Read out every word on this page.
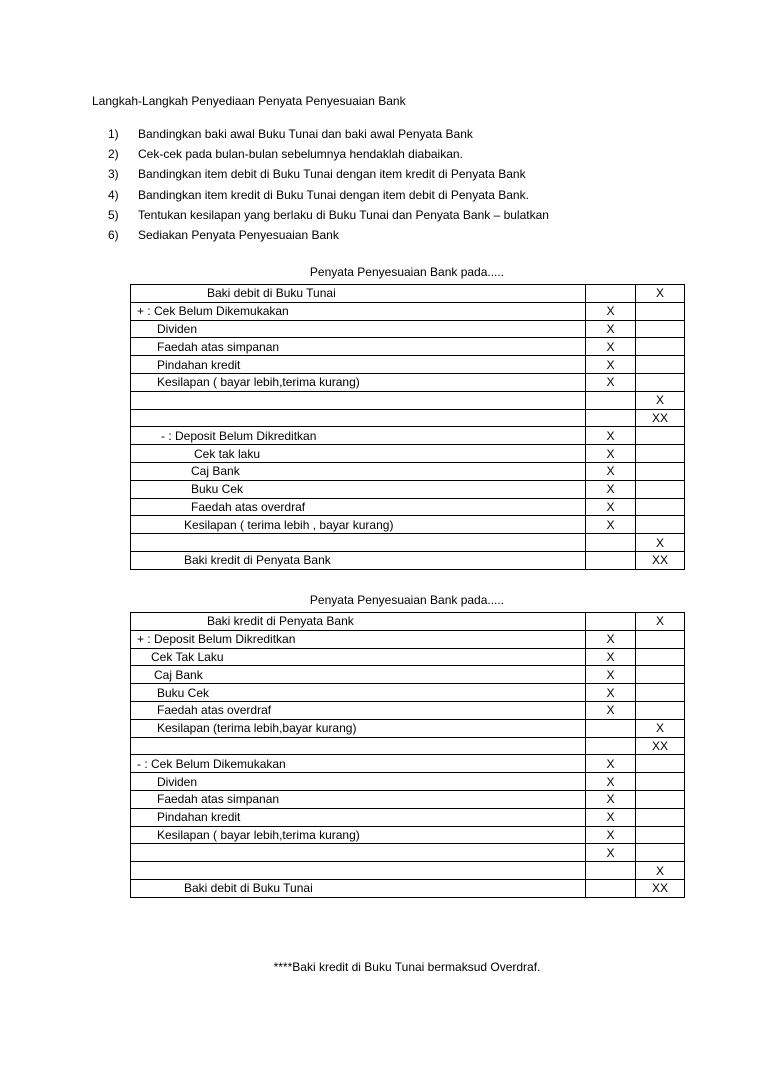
Langkah-Langkah Penyediaan Penyata Penyesuaian Bank
1) Bandingkan baki awal Buku Tunai dan baki awal Penyata Bank
2) Cek-cek pada bulan-bulan sebelumnya hendaklah diabaikan.
3) Bandingkan item debit di Buku Tunai dengan item kredit di Penyata Bank
4) Bandingkan item kredit di Buku Tunai dengan item debit di Penyata Bank.
5) Tentukan kesilapan yang berlaku di Buku Tunai dan Penyata Bank – bulatkan
6) Sediakan Penyata Penyesuaian Bank
Penyata Penyesuaian Bank pada.....
Baki debit di Buku Tunai		X
+ : Cek Belum Dikemukakan	X	
Dividen	X	
Faedah atas simpanan	X	
Pindahan kredit	X	
Kesilapan ( bayar lebih,terima kurang)	X	
		X
		XX
- : Deposit Belum Dikreditkan	X	
Cek tak laku	X	
Caj Bank	X	
Buku Cek	X	
Faedah atas overdraf	X	
Kesilapan ( terima lebih , bayar kurang)	X	
		X
Baki kredit di Penyata Bank		XX
Penyata Penyesuaian Bank pada.....
Baki kredit di Penyata Bank		X
+ : Deposit Belum Dikreditkan	X	
Cek Tak Laku	X	
Caj Bank	X	
Buku Cek	X	
Faedah atas overdraf	X	
Kesilapan (terima lebih,bayar kurang)		X
		XX
- : Cek Belum Dikemukakan	X	
Dividen	X	
Faedah atas simpanan	X	
Pindahan kredit	X	
Kesilapan ( bayar lebih,terima kurang)	X	
	X	
		X
Baki debit di Buku Tunai		XX
****Baki kredit di Buku Tunai bermaksud Overdraf.
